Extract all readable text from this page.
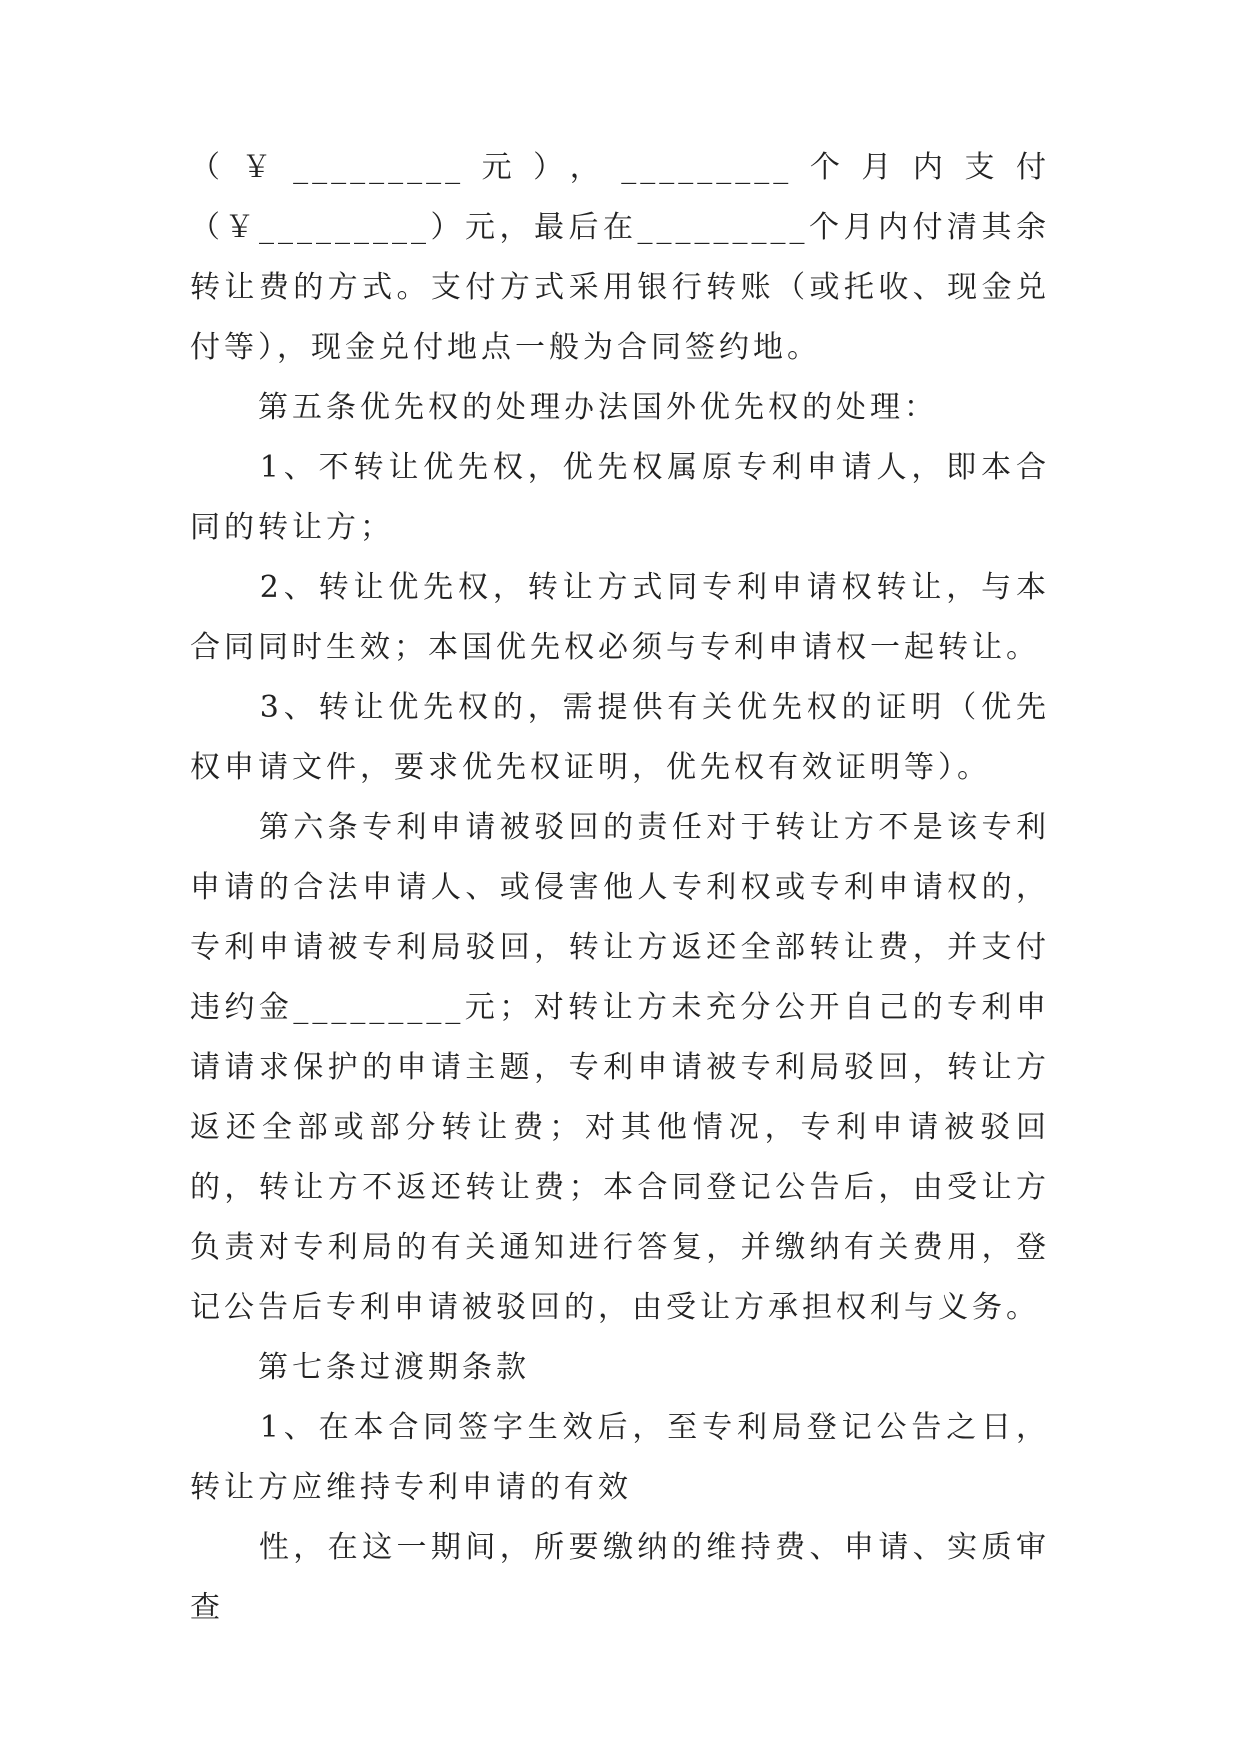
（￥_________元），_________个月内支付（￥_________）元，最后在_________个月内付清其余转让费的方式。支付方式采用银行转账（或托收、现金兑付等），现金兑付地点一般为合同签约地。

　　第五条优先权的处理办法国外优先权的处理：

　　1、不转让优先权，优先权属原专利申请人，即本合同的转让方；

　　2、转让优先权，转让方式同专利申请权转让，与本合同同时生效；本国优先权必须与专利申请权一起转让。

　　3、转让优先权的，需提供有关优先权的证明（优先权申请文件，要求优先权证明，优先权有效证明等）。

　　第六条专利申请被驳回的责任对于转让方不是该专利申请的合法申请人、或侵害他人专利权或专利申请权的，专利申请被专利局驳回，转让方返还全部转让费，并支付违约金_________元；对转让方未充分公开自己的专利申请请求保护的申请主题，专利申请被专利局驳回，转让方返还全部或部分转让费；对其他情况，专利申请被驳回的，转让方不返还转让费；本合同登记公告后，由受让方负责对专利局的有关通知进行答复，并缴纳有关费用，登记公告后专利申请被驳回的，由受让方承担权利与义务。

　　第七条过渡期条款

　　1、在本合同签字生效后，至专利局登记公告之日，转让方应维持专利申请的有效

　　性，在这一期间，所要缴纳的维持费、申请、实质审查
